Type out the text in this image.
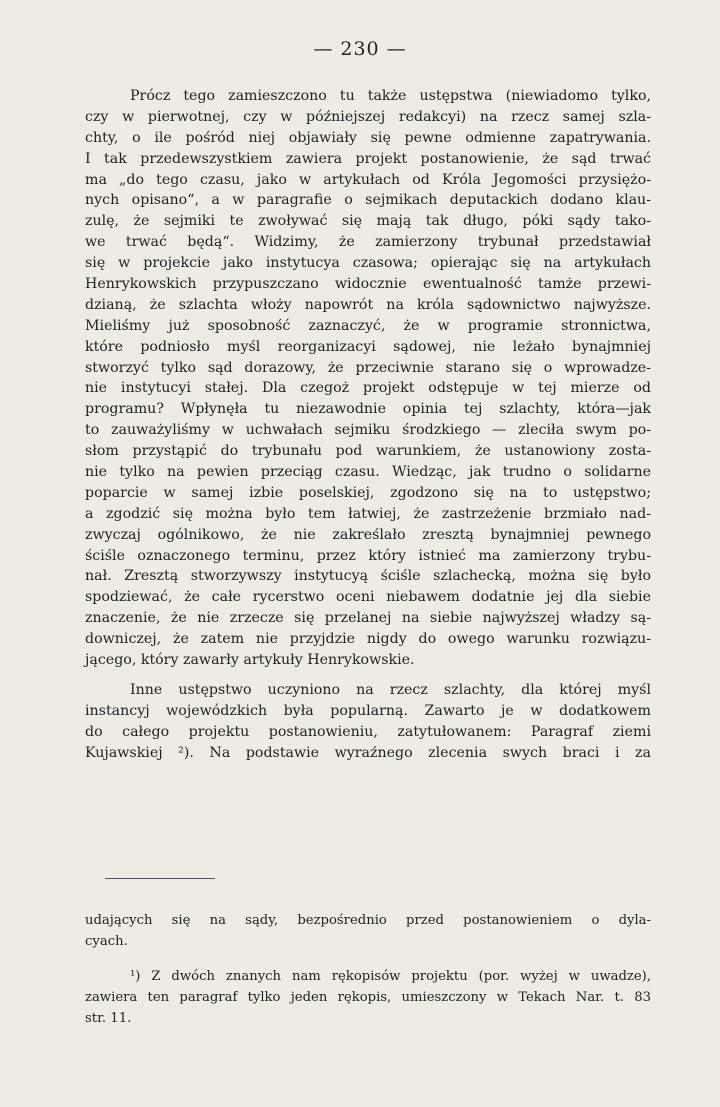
— 230 —
Prócz tego zamieszczono tu także ustępstwa (niewiadomo tylko,
czy w pierwotnej, czy w późniejszej redakcyi) na rzecz samej szla-
chty, o ile pośród niej objawiały się pewne odmienne zapatrywania.
I tak przedewszystkiem zawiera projekt postanowienie, że sąd trwać
ma „do tego czasu, jako w artykułach od Króla Jegomości przysiężo-
nych opisano“, a w paragrafie o sejmikach deputackich dodano klau-
zulę, że sejmiki te zwoływać się mają tak długo, póki sądy tako-
we trwać będą“. Widzimy, że zamierzony trybunał przedstawiał
się w projekcie jako instytucya czasowa; opierając się na artykułach
Henrykowskich przypuszczano widocznie ewentualność tamże przewi-
dzianą, że szlachta włoży napowrót na króla sądownictwo najwyższe.
Mieliśmy już sposobność zaznaczyć, że w programie stronnictwa,
które podniosło myśl reorganizacyi sądowej, nie leżało bynajmniej
stworzyć tylko sąd dorazowy, że przeciwnie starano się o wprowadze-
nie instytucyi stałej. Dla czegoż projekt odstępuje w tej mierze od
programu? Wpłynęła tu niezawodnie opinia tej szlachty, która—jak
to zauważyliśmy w uchwałach sejmiku środzkiego — zleciła swym po-
słom przystąpić do trybunału pod warunkiem, że ustanowiony zosta-
nie tylko na pewien przeciąg czasu. Wiedząc, jak trudno o solidarne
poparcie w samej izbie poselskiej, zgodzono się na to ustępstwo;
a zgodzić się można było tem łatwiej, że zastrzeżenie brzmiało nad-
zwyczaj ogólnikowo, że nie zakreślało zresztą bynajmniej pewnego
ściśle oznaczonego terminu, przez który istnieć ma zamierzony trybu-
nał. Zresztą stworzywszy instytucyą ściśle szlachecką, można się było
spodziewać, że całe rycerstwo oceni niebawem dodatnie jej dla siebie
znaczenie, że nie zrzecze się przelanej na siebie najwyższej władzy są-
downiczej, że zatem nie przyjdzie nigdy do owego warunku rozwiązu-
jącego, który zawarły artykuły Henrykowskie.
Inne ustępstwo uczyniono na rzecz szlachty, dla której myśl
instancyj wojewódzkich była popularną. Zawarto je w dodatkowem
do całego projektu postanowieniu, zatytułowanem: Paragraf ziemi
Kujawskiej ²). Na podstawie wyraźnego zlecenia swych braci i za
udających się na sądy, bezpośrednio przed postanowieniem o dyla-
cyach.
¹) Z dwóch znanych nam rękopisów projektu (por. wyżej w uwadze),
zawiera ten paragraf tylko jeden rękopis, umieszczony w Tekach Nar. t. 83
str. 11.
